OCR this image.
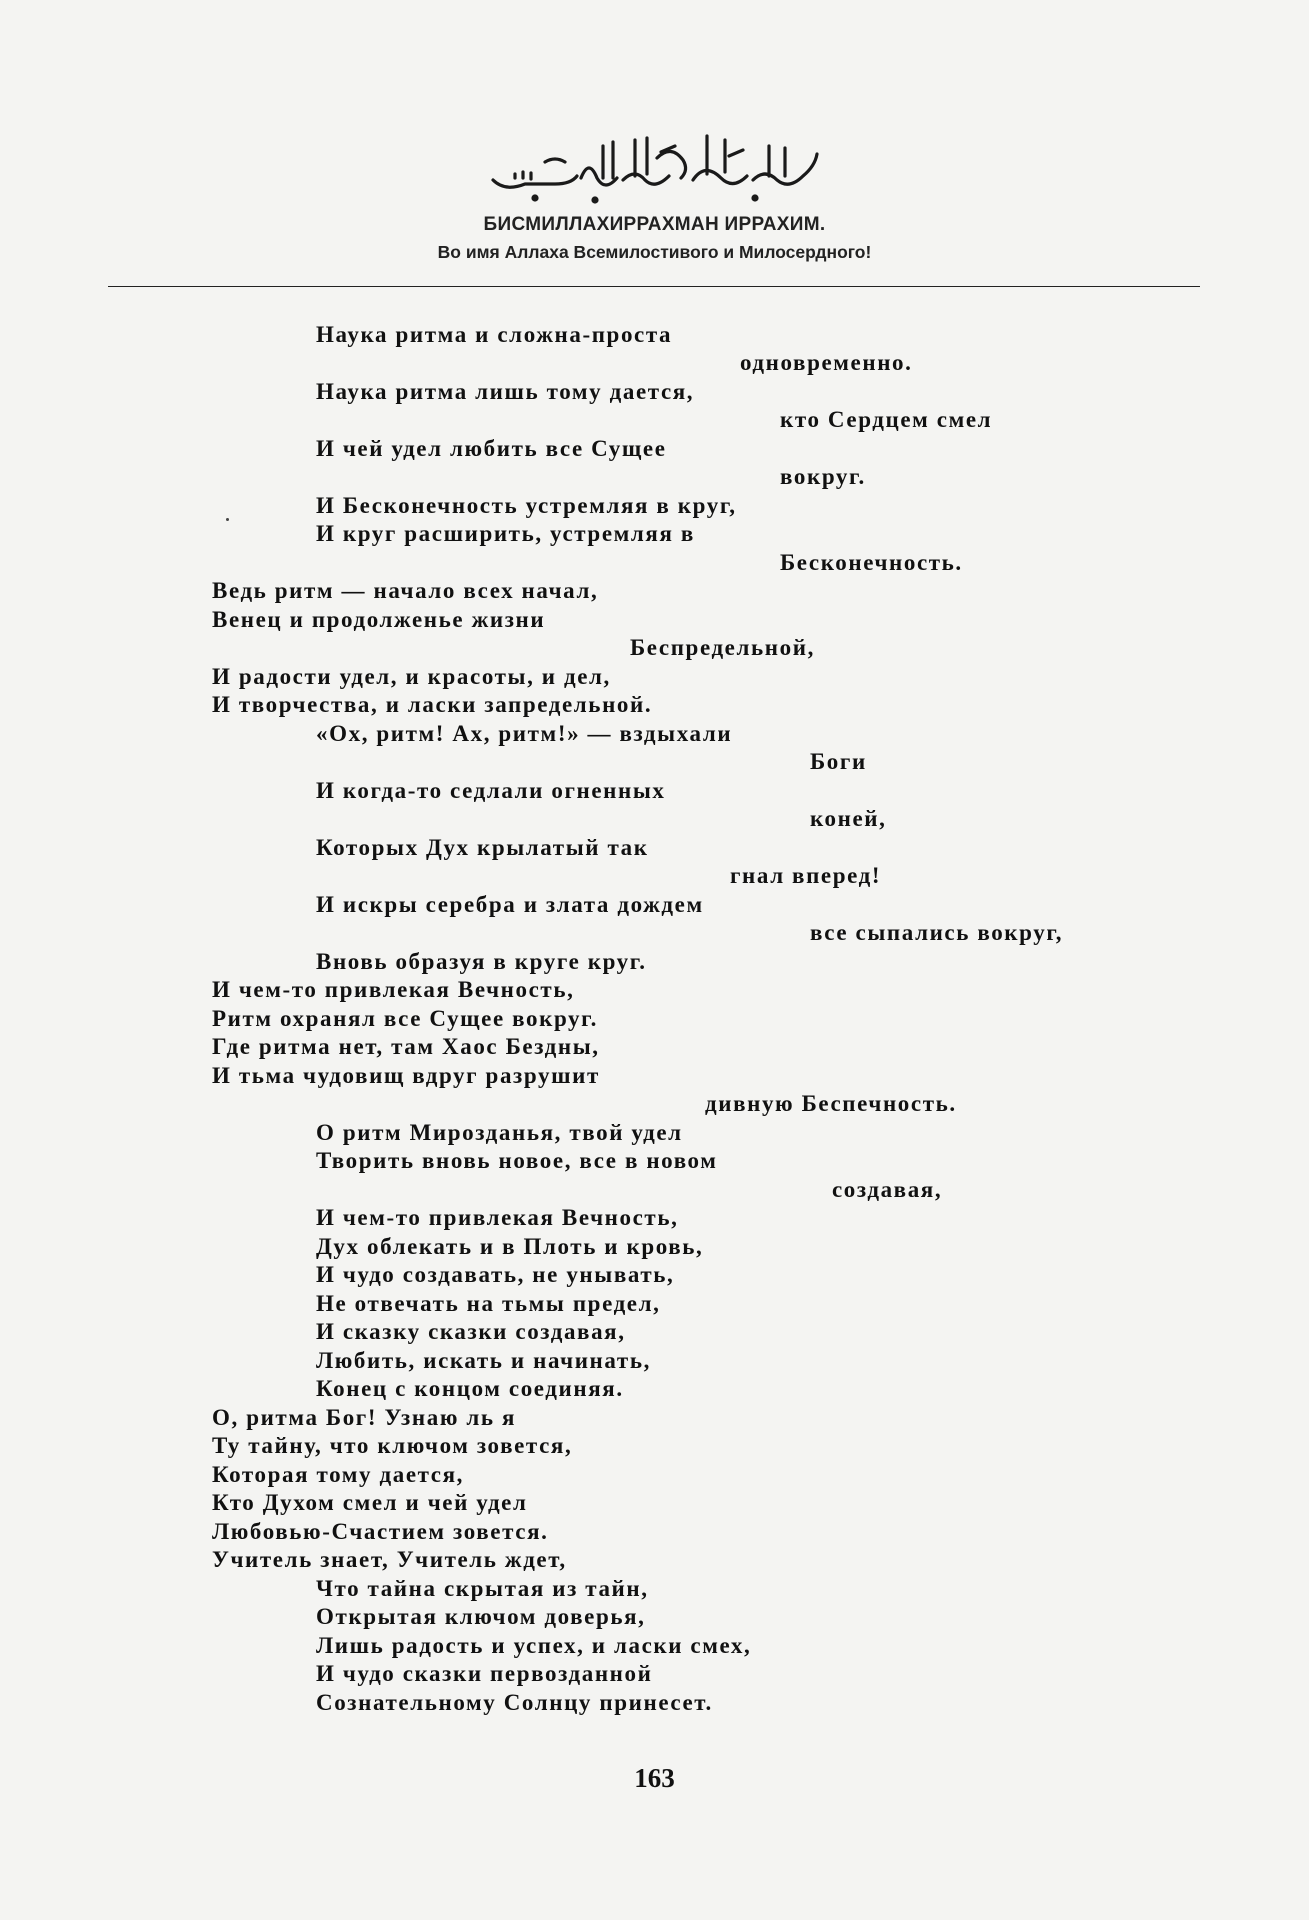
БИСМИЛЛАХИРРАХМАН ИРРАХИМ.
Во имя Аллаха Всемилостивого и Милосердного!
Наука ритма и сложна-проста
одновременно.
Наука ритма лишь тому дается,
кто Сердцем смел
И чей удел любить все Сущее
вокруг.
И Бесконечность устремляя в круг,
И круг расширить, устремляя в
Бесконечность.
Ведь ритм — начало всех начал,
Венец и продолженье жизни
Беспредельной,
И радости удел, и красоты, и дел,
И творчества, и ласки запредельной.
«Ох, ритм! Ах, ритм!» — вздыхали
Боги
И когда-то седлали огненных
коней,
Которых Дух крылатый так
гнал вперед!
И искры серебра и злата дождем
все сыпались вокруг,
Вновь образуя в круге круг.
И чем-то привлекая Вечность,
Ритм охранял все Сущее вокруг.
Где ритма нет, там Хаос Бездны,
И тьма чудовищ вдруг разрушит
дивную Беспечность.
О ритм Мирозданья, твой удел
Творить вновь новое, все в новом
создавая,
И чем-то привлекая Вечность,
Дух облекать и в Плоть и кровь,
И чудо создавать, не унывать,
Не отвечать на тьмы предел,
И сказку сказки создавая,
Любить, искать и начинать,
Конец с концом соединяя.
О, ритма Бог! Узнаю ль я
Ту тайну, что ключом зовется,
Которая тому дается,
Кто Духом смел и чей удел
Любовью-Счастием зовется.
Учитель знает, Учитель ждет,
Что тайна скрытая из тайн,
Открытая ключом доверья,
Лишь радость и успех, и ласки смех,
И чудо сказки первозданной
Сознательному Солнцу принесет.
163
